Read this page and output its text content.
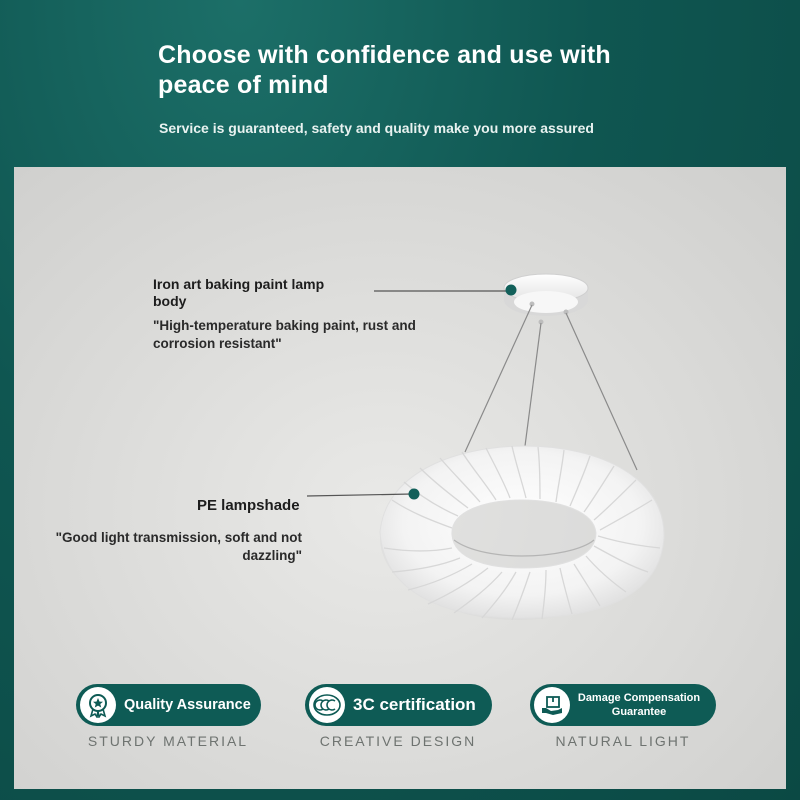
Choose with confidence and use with peace of mind
Service is guaranteed, safety and quality make you more assured
Iron art baking paint lamp body
"High-temperature baking paint, rust and corrosion resistant"
PE lampshade
"Good light transmission, soft and not dazzling"
Quality Assurance
STURDY MATERIAL
3C certification
CREATIVE DESIGN
Damage Compensation Guarantee
NATURAL LIGHT
